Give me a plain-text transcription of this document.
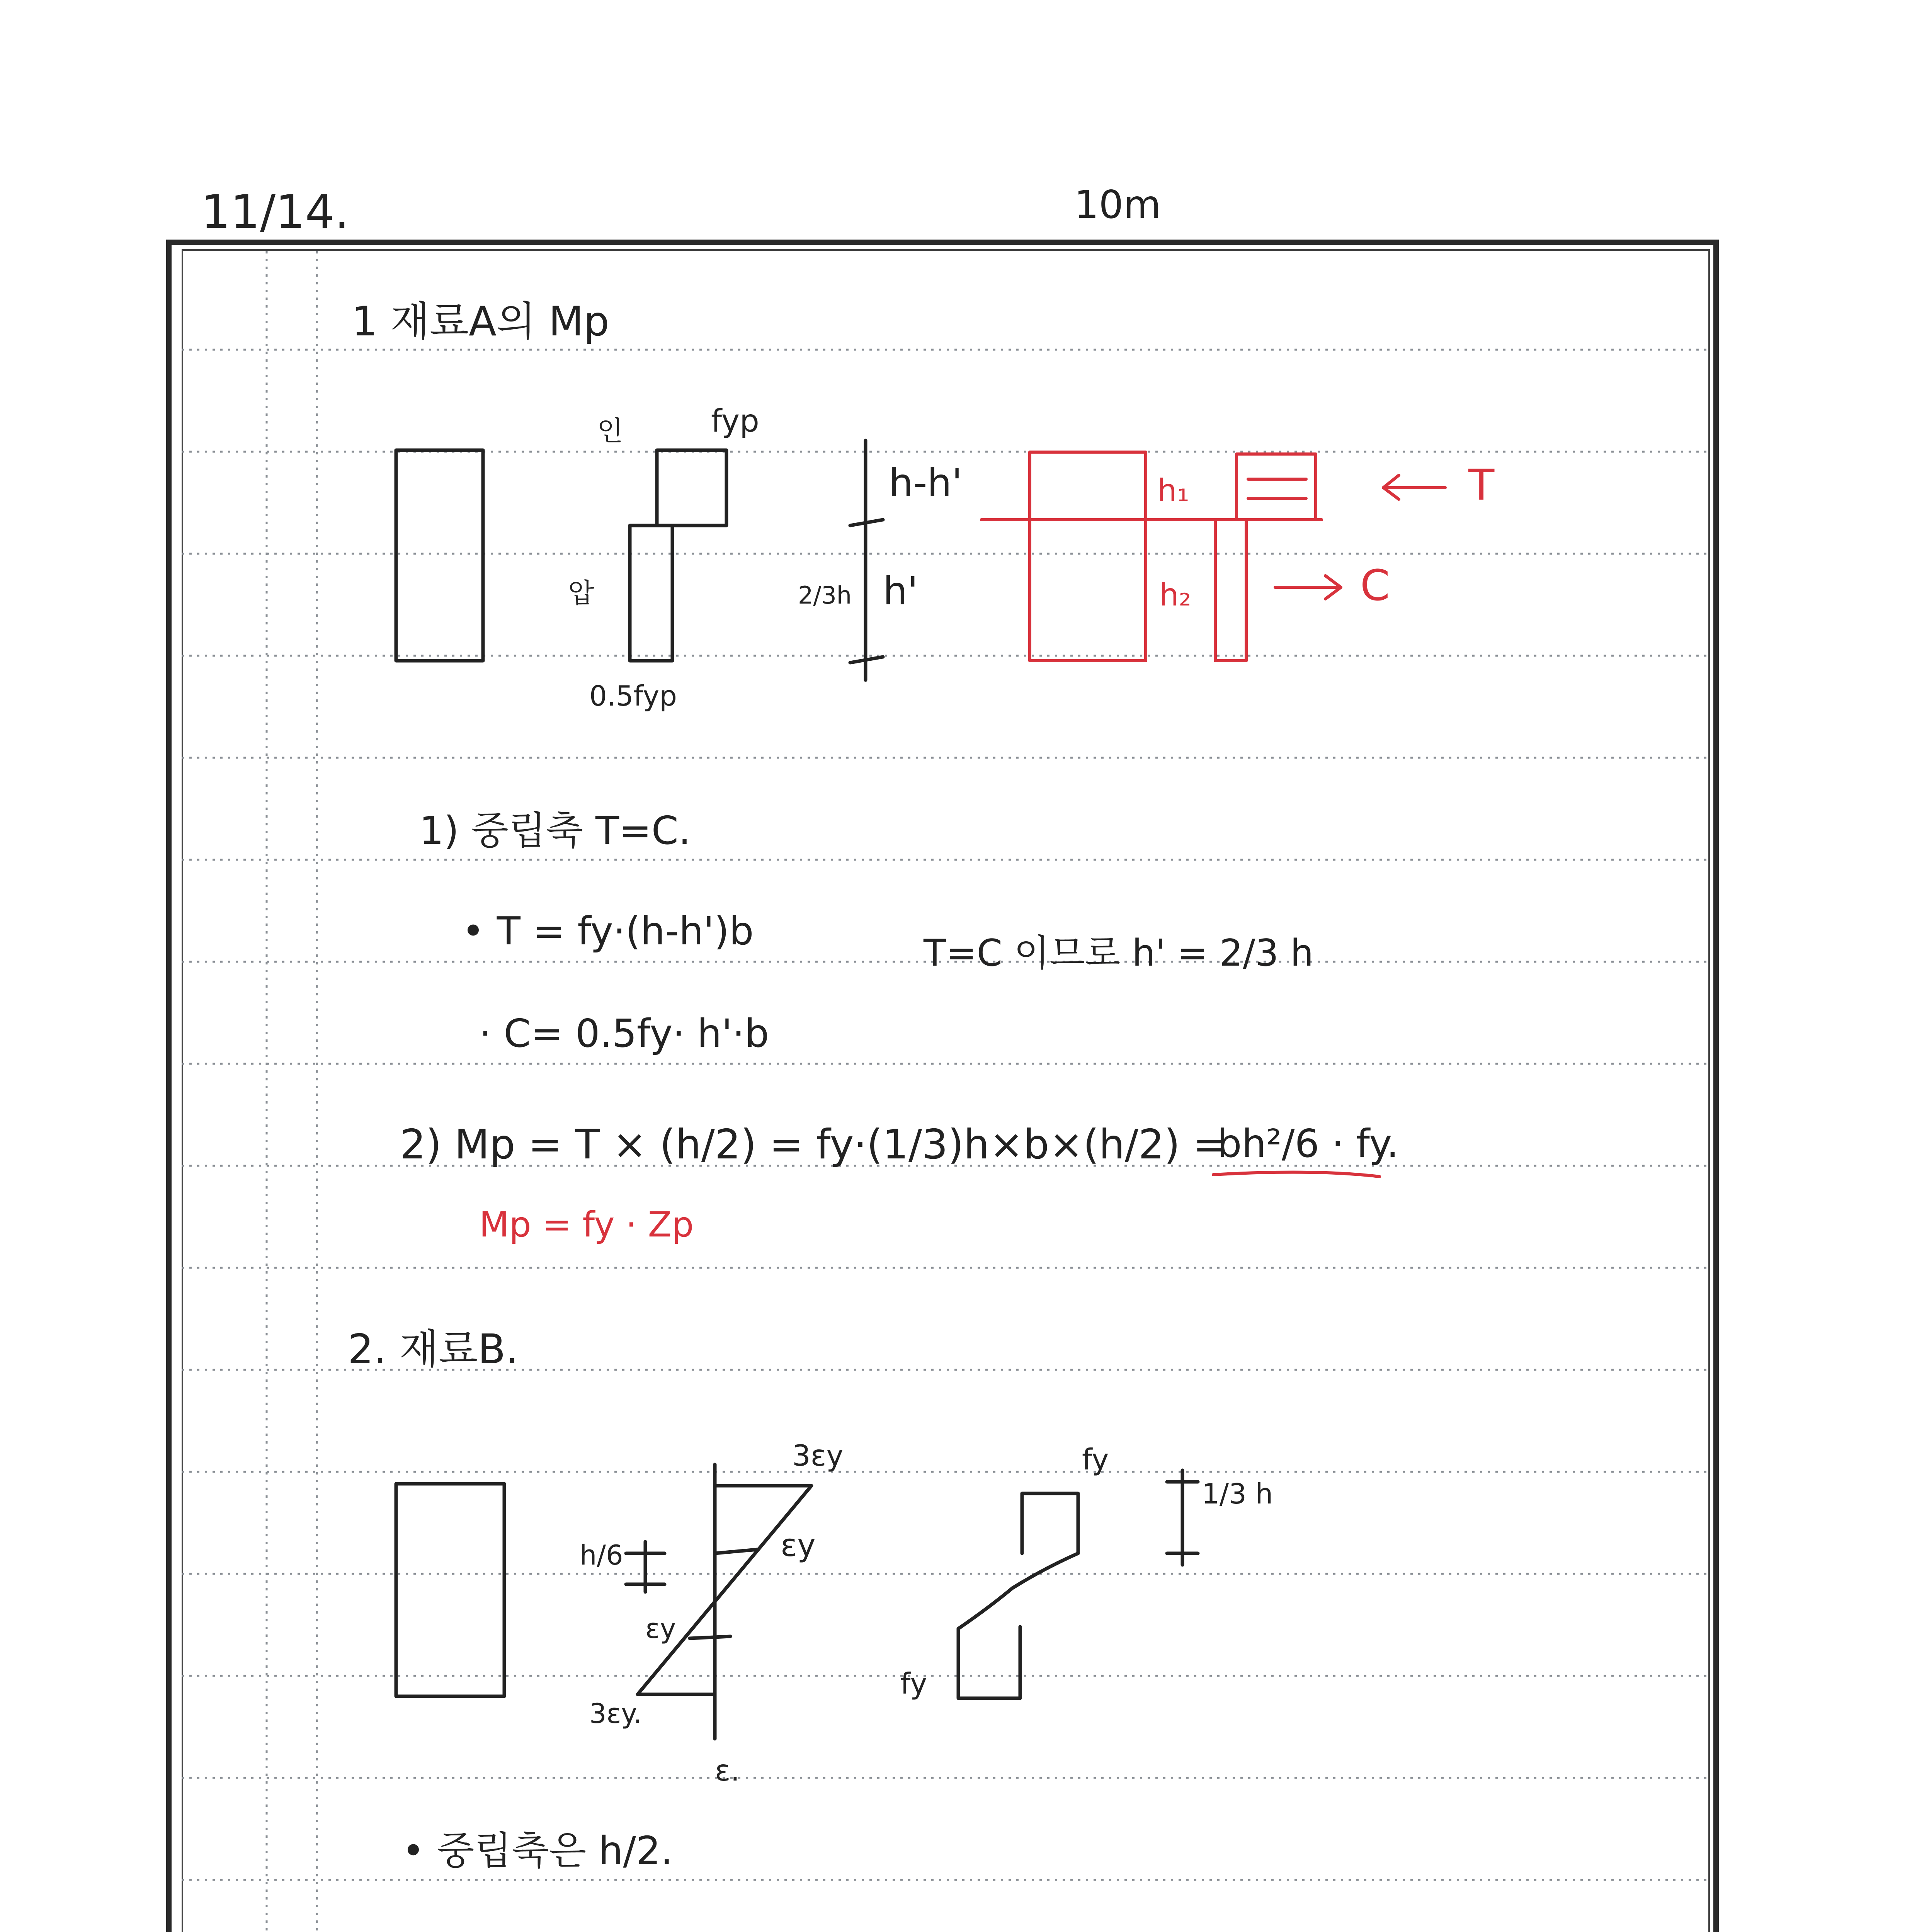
11/14.	10m
1 재료A의 Mp
인	fyp
압
0.5fyp
h-h'
2/3h h'
h₁
h₂
T
C
1) 중립축 T=C.
• T = fy·(h-h')b
· C= 0.5fy· h'·b
T=C 이므로 h' = 2/3 h
2) Mp = T × (h/2) = fy·(1/3)h×b×(h/2) =
bh²/6 · fy.
Mp = fy · Zp
2. 재료B.
3εy
εy
εy
3εy.
ε.
h/6
fy
fy
1/3 h
• 중립축은 h/2.
